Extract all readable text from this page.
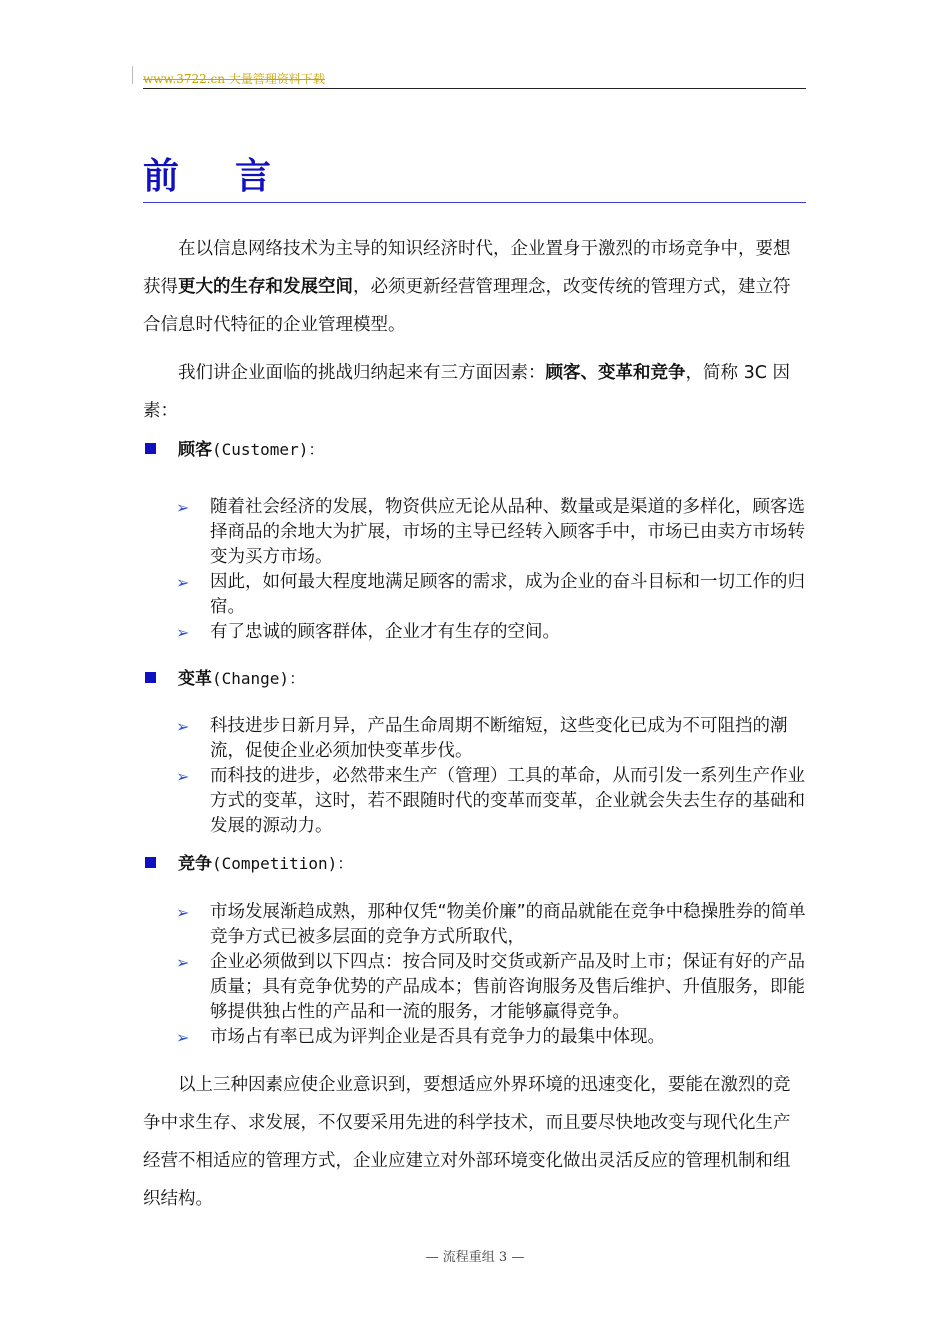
www.3722.cn 大量管理资料下载
前言

在以信息网络技术为主导的知识经济时代，企业置身于激烈的市场竞争中，要想获得更大的生存和发展空间，必须更新经营管理理念，改变传统的管理方式，建立符合信息时代特征的企业管理模型。

我们讲企业面临的挑战归纳起来有三方面因素：顾客、变革和竞争，简称 3C 因素：

顾客(Customer)：
➢ 随着社会经济的发展，物资供应无论从品种、数量或是渠道的多样化，顾客选择商品的余地大为扩展，市场的主导已经转入顾客手中，市场已由卖方市场转变为买方市场。
➢ 因此，如何最大程度地满足顾客的需求，成为企业的奋斗目标和一切工作的归宿。
➢ 有了忠诚的顾客群体，企业才有生存的空间。
变革(Change)：
➢ 科技进步日新月异，产品生命周期不断缩短，这些变化已成为不可阻挡的潮流，促使企业必须加快变革步伐。
➢ 而科技的进步，必然带来生产（管理）工具的革命，从而引发一系列生产作业方式的变革，这时，若不跟随时代的变革而变革，企业就会失去生存的基础和发展的源动力。
竞争(Competition)：
➢ 市场发展渐趋成熟，那种仅凭“物美价廉”的商品就能在竞争中稳操胜券的简单竞争方式已被多层面的竞争方式所取代，
➢ 企业必须做到以下四点：按合同及时交货或新产品及时上市；保证有好的产品质量；具有竞争优势的产品成本；售前咨询服务及售后维护、升值服务，即能够提供独占性的产品和一流的服务，才能够赢得竞争。
➢ 市场占有率已成为评判企业是否具有竞争力的最集中体现。

以上三种因素应使企业意识到，要想适应外界环境的迅速变化，要能在激烈的竞争中求生存、求发展，不仅要采用先进的科学技术，而且要尽快地改变与现代化生产经营不相适应的管理方式，企业应建立对外部环境变化做出灵活反应的管理机制和组织结构。

— 流程重组 3 —
